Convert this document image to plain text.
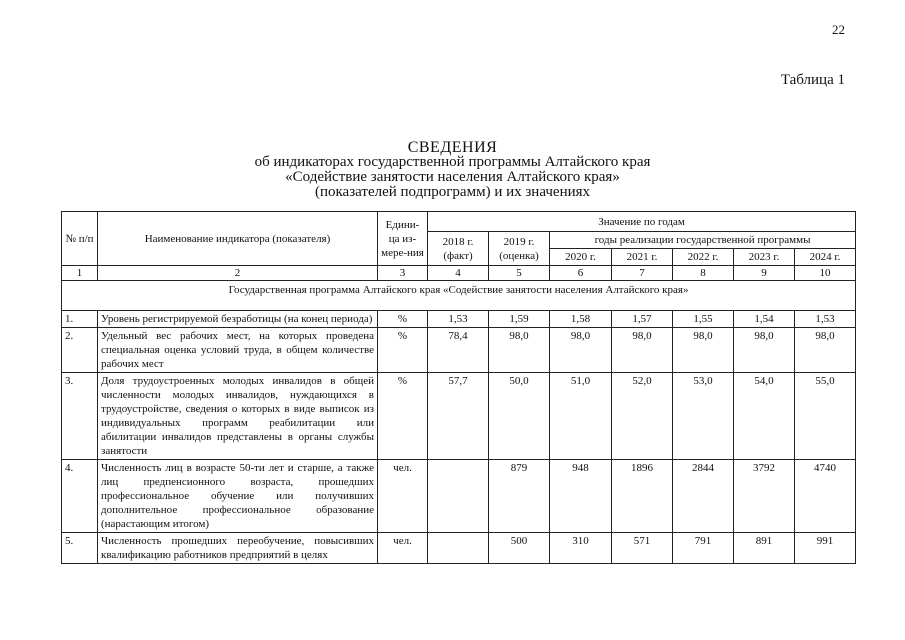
22
Таблица 1
СВЕДЕНИЯ
об индикаторах государственной программы Алтайского края
«Содействие занятости населения Алтайского края»
(показателей подпрограмм) и их значениях
№ п/п	Наименование индикатора (показателя)	Едини-ца из-мере-ния	Значение по годам						
			2018 г. (факт)	2019 г. (оценка)	годы реализации государственной программы				
					2020 г.	2021 г.	2022 г.	2023 г.	2024 г.
1	2	3	4	5	6	7	8	9	10
Государственная программа Алтайского края «Содействие занятости населения Алтайского края»									
1.	Уровень регистрируемой безработицы (на конец периода)	%	1,53	1,59	1,58	1,57	1,55	1,54	1,53
2.	Удельный вес рабочих мест, на которых проведена специальная оценка условий труда, в общем количестве рабочих мест	%	78,4	98,0	98,0	98,0	98,0	98,0	98,0
3.	Доля трудоустроенных молодых инвалидов в общей численности молодых инвалидов, нуждающихся в трудоустройстве, сведения о которых в виде выписок из индивидуальных программ реабилитации или абилитации инвалидов представлены в органы службы занятости	%	57,7	50,0	51,0	52,0	53,0	54,0	55,0
4.	Численность лиц в возрасте 50-ти лет и старше, а также лиц предпенсионного возраста, прошедших профессиональное обучение или получивших дополнительное профессиональное образование (нарастающим итогом)	чел.		879	948	1896	2844	3792	4740
5.	Численность прошедших переобучение, повысивших квалификацию работников предприятий в целях	чел.		500	310	571	791	891	991
